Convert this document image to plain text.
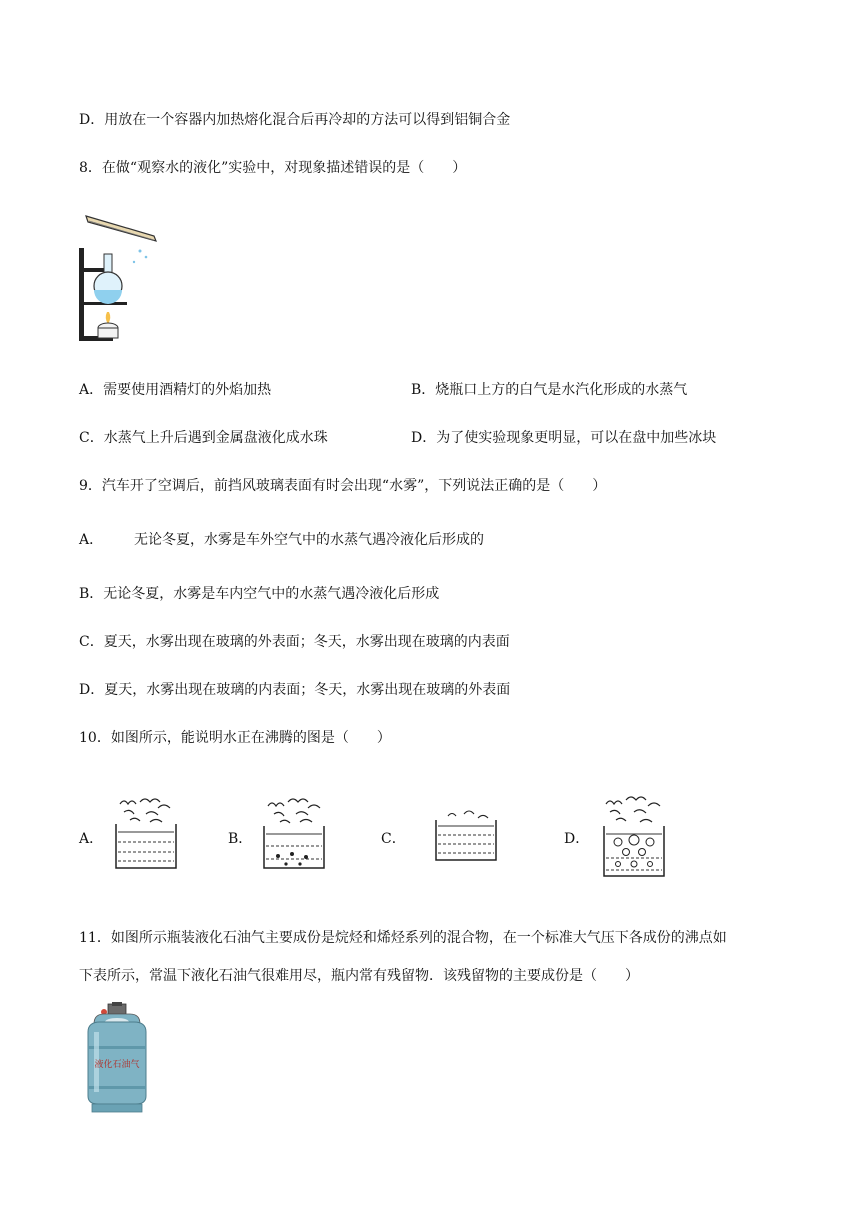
D．用放在一个容器内加热熔化混合后再冷却的方法可以得到铝铜合金
8．在做“观察水的液化”实验中，对现象描述错误的是（　　）
A．需要使用酒精灯的外焰加热	B．烧瓶口上方的白气是水汽化形成的水蒸气
C．水蒸气上升后遇到金属盘液化成水珠	D．为了使实验现象更明显，可以在盘中加些冰块
9．汽车开了空调后，前挡风玻璃表面有时会出现“水雾”，下列说法正确的是（　　）
A． 无论冬夏，水雾是车外空气中的水蒸气遇冷液化后形成的
B．无论冬夏，水雾是车内空气中的水蒸气遇冷液化后形成
C．夏天，水雾出现在玻璃的外表面；冬天，水雾出现在玻璃的内表面
D．夏天，水雾出现在玻璃的内表面；冬天，水雾出现在玻璃的外表面
10．如图所示，能说明水正在沸腾的图是（　　）
A．	B．	C．	D．
11．如图所示瓶装液化石油气主要成份是烷烃和烯烃系列的混合物，在一个标准大气压下各成份的沸点如
下表所示，常温下液化石油气很难用尽，瓶内常有残留物．该残留物的主要成份是（　　）
液化石油气
